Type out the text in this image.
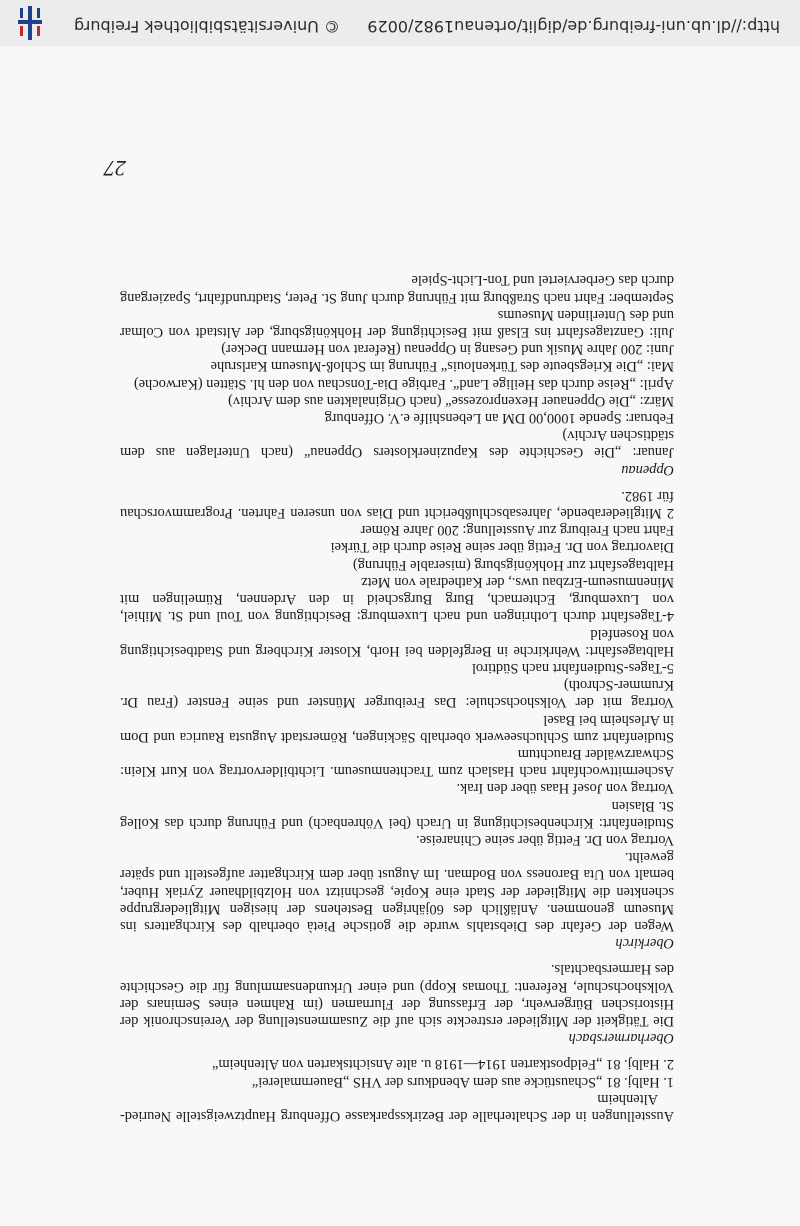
Ausstellungen in der Schalterhalle der Bezirkssparkasse Offenburg Hauptzweigstelle Neuried-Altenheim

1. Halbj. 81 „Schaustücke aus dem Abendkurs der VHS „Bauernmalerei“

2. Halbj. 81 „Feldpostkarten 1914—1918 u. alte Ansichtskarten von Altenheim“

Oberharmersbach

Die Tätigkeit der Mitglieder erstreckte sich auf die Zusammenstellung der Vereinschronik der Historischen Bürgerwehr, der Erfassung der Flurnamen (im Rahmen eines Seminars der Volkshochschule, Referent: Thomas Kopp) und einer Urkundensammlung für die Geschichte des Harmersbachtals.

Oberkirch

Wegen der Gefahr des Diebstahls wurde die gotische Pietà oberhalb des Kirchgatters ins Museum genommen. Anläßlich des 60jährigen Bestehens der hiesigen Mitgliedergruppe schenkten die Mitglieder der Stadt eine Kopie, geschnitzt von Holzbildhauer Zyriak Huber, bemalt von Uta Baroness von Bodman. Im August über dem Kirchgatter aufgestellt und später geweiht.

Vortrag von Dr. Fettig über seine Chinareise.

Studienfahrt: Kirchenbesichtigung in Urach (bei Vöhrenbach) und Führung durch das Kolleg St. Blasien

Vortrag von Josef Haas über den Irak.

Aschermittwochfahrt nach Haslach zum Trachtenmuseum. Lichtbildervortrag von Kurt Klein: Schwarzwälder Brauchtum

Studienfahrt zum Schluchseewerk oberhalb Säckingen, Römerstadt Augusta Raurica und Dom in Arlesheim bei Basel

Vortrag mit der Volkshochschule: Das Freiburger Münster und seine Fenster (Frau Dr. Krummer-Schroth)

5-Tages-Studienfahrt nach Südtirol

Halbtagesfahrt: Wehrkirche in Bergfelden bei Horb, Kloster Kirchberg und Stadtbesichtigung von Rosenfeld

4-Tagesfahrt durch Lothringen und nach Luxemburg: Besichtigung von Toul und St. Mihiel, von Luxemburg, Echternach, Burg Burgscheid in den Ardennen, Rümelingen mit Minenmuseum-Erzbau uws., der Kathedrale von Metz

Halbtagesfahrt zur Hohkönigsburg (miserable Führung)

Diavortrag von Dr. Fettig über seine Reise durch die Türkei

Fahrt nach Freiburg zur Ausstellung: 200 Jahre Römer

2 Mitgliederabende, Jahresabschlußbericht und Dias von unseren Fahrten. Programmvorschau für 1982.

Oppenau

Januar: „Die Geschichte des Kapuzinerklosters Oppenau“ (nach Unterlagen aus dem städtischen Archiv)

Februar: Spende 1000,00 DM an Lebenshilfe e.V. Offenburg

März: „Die Oppenauer Hexenprozesse“ (nach Originalakten aus dem Archiv)

April: „Reise durch das Heilige Land“. Farbige Dia-Tonschau von den hl. Stätten (Karwoche)

Mai: „Die Kriegsbeute des Türkenlouis“ Führung im Schloß-Museum Karlsruhe

Juni: 200 Jahre Musik und Gesang in Oppenau (Referat von Hermann Decker)

Juli: Ganztagesfahrt ins Elsaß mit Besichtigung der Hohkönigsburg, der Altstadt von Colmar und des Unterlinden Museums

September: Fahrt nach Straßburg mit Führung durch Jung St. Peter, Stadtrundfahrt, Spaziergang durch das Gerberviertel und Ton-Licht-Spiele

27
© Universitätsbibliothek Freiburg http://dl.ub.uni-freiburg.de/diglit/ortenau1982/0029
